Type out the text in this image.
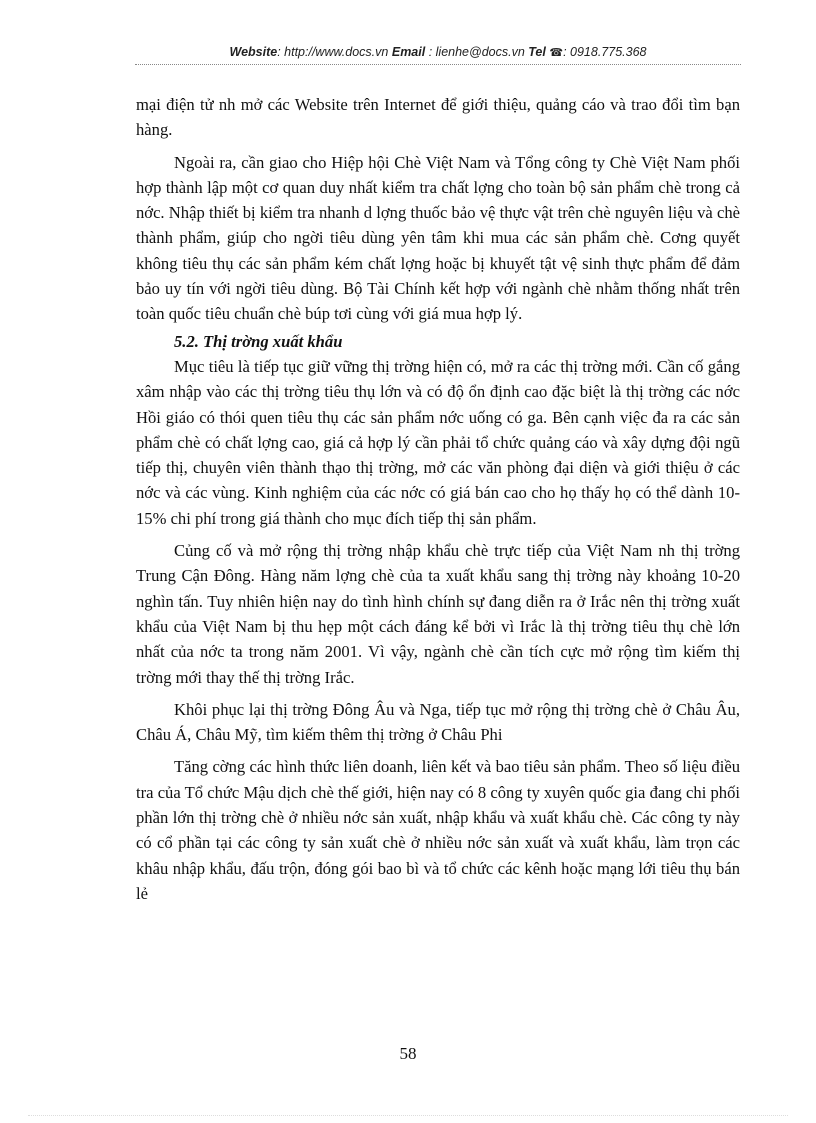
Website: http://www.docs.vn Email : lienhe@docs.vn Tel ☎: 0918.775.368

mại điện tử nh mở các Website trên Internet để giới thiệu, quảng cáo và trao đổi tìm bạn hàng.

Ngoài ra, cần giao cho Hiệp hội Chè Việt Nam và Tổng công ty Chè Việt Nam phối hợp thành lập một cơ quan duy nhất kiểm tra chất lợng cho toàn bộ sản phẩm chè trong cả nớc. Nhập thiết bị kiểm tra nhanh d lợng thuốc bảo vệ thực vật trên chè nguyên liệu và chè thành phẩm, giúp cho ngời tiêu dùng yên tâm khi mua các sản phẩm chè. Cơng quyết không tiêu thụ các sản phẩm kém chất lợng hoặc bị khuyết tật vệ sinh thực phẩm để đảm bảo uy tín với ngời tiêu dùng. Bộ Tài Chính kết hợp với ngành chè nhằm thống nhất trên toàn quốc tiêu chuẩn chè búp tơi cùng với giá mua hợp lý.

5.2. Thị trờng xuất khẩu

Mục tiêu là tiếp tục giữ vững thị trờng hiện có, mở ra các thị trờng mới. Cần cố gắng xâm nhập vào các thị trờng tiêu thụ lớn và có độ ổn định cao đặc biệt là thị trờng các nớc Hồi giáo có thói quen tiêu thụ các sản phẩm nớc uống có ga. Bên cạnh việc đa ra các sản phẩm chè có chất lợng cao, giá cả hợp lý cần phải tổ chức quảng cáo và xây dựng đội ngũ tiếp thị, chuyên viên thành thạo thị trờng, mở các văn phòng đại diện và giới thiệu ở các nớc và các vùng. Kinh nghiệm của các nớc có giá bán cao cho họ thấy họ có thể dành 10-15% chi phí trong giá thành cho mục đích tiếp thị sản phẩm.

Củng cố và mở rộng thị trờng nhập khẩu chè trực tiếp của Việt Nam nh thị trờng Trung Cận Đông. Hàng năm lợng chè của ta xuất khẩu sang thị trờng này khoảng 10-20 nghìn tấn. Tuy nhiên hiện nay do tình hình chính sự đang diễn ra ở Irắc nên thị trờng xuất khẩu của Việt Nam bị thu hẹp một cách đáng kể bởi vì Irắc là thị trờng tiêu thụ chè lớn nhất của nớc ta trong năm 2001. Vì vậy, ngành chè cần tích cực mở rộng tìm kiếm thị trờng mới thay thế thị trờng Irắc.

Khôi phục lại thị trờng Đông Âu và Nga, tiếp tục mở rộng thị trờng chè ở Châu Âu, Châu Á, Châu Mỹ, tìm kiếm thêm thị trờng ở Châu Phi

Tăng cờng các hình thức liên doanh, liên kết và bao tiêu sản phẩm. Theo số liệu điều tra của Tổ chức Mậu dịch chè thế giới, hiện nay có 8 công ty xuyên quốc gia đang chi phối phần lớn thị trờng chè ở nhiều nớc sản xuất, nhập khẩu và xuất khẩu chè. Các công ty này có cổ phần tại các công ty sản xuất chè ở nhiều nớc sản xuất và xuất khẩu, làm trọn các khâu nhập khẩu, đấu trộn, đóng gói bao bì và tổ chức các kênh hoặc mạng lới tiêu thụ bán lẻ

58
